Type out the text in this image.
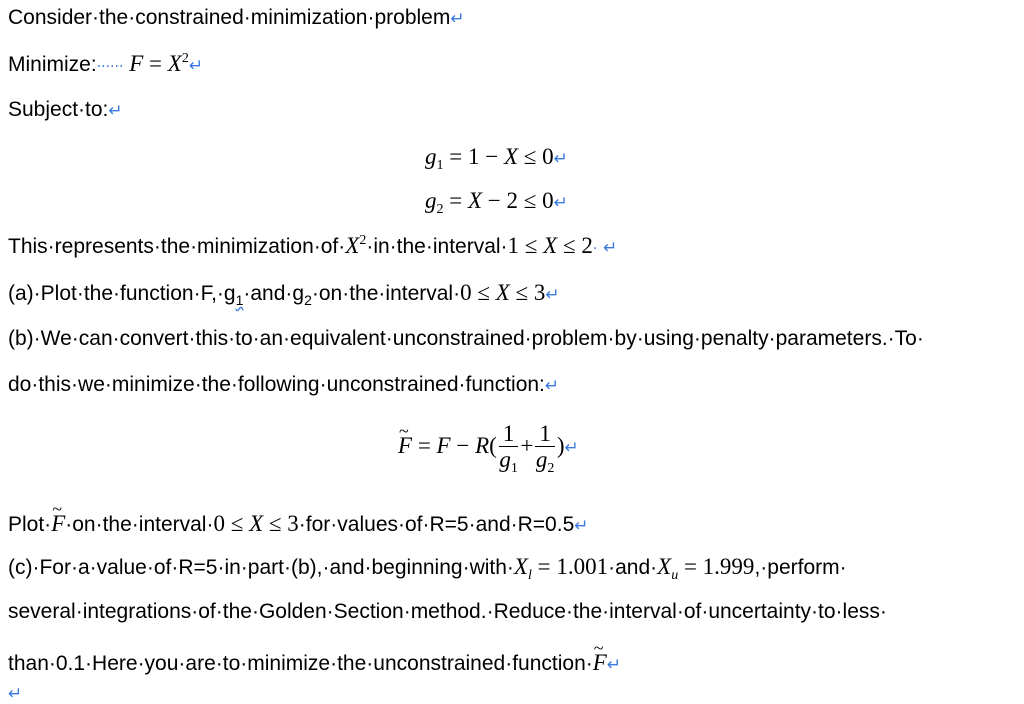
Consider·the·constrained·minimization·problem↵
Minimize:······ $F = X^2↵$
Subject·to:↵
$g_1 = 1 - X$ ≤ 0↵
$g_2 = X - 2$ ≤ 0↵
$This\cdot represents\cdot the\cdot minimization\cdot of\cdot X^2\cdot in\cdot the\cdot interval\cdot 1 \le X \le 2\cdot$ ↵
$(a)\cdot Plot\cdot the\cdot function\cdot F,\cdot g_1\cdot and\cdot g_2\cdot on\cdot the\cdot interval\cdot 0 \le X$ ≤ 3↵
(b)·We·can·convert·this·to·an·equivalent·unconstrained·problem·by·using·penalty·parameters.·To·
do·this·we·minimize·the·following·unconstrained·function:↵
~ $F = F - R( \frac{1}{g_1} + \frac{1}{g_2}$ )↵
Plot·~ F·on·the·interval·0 ≤ X ≤ 3·for·values·of·R=5·and·R=0.5↵
$(c)\cdot For\cdot a\cdot value\cdot of\cdot R=5\cdot in\cdot part\cdot(b),\cdot and\cdot beginning\cdot with\cdot X_l = 1.001\cdot and\cdot X_u$ = 1.999,·perform·
several·integrations·of·the·Golden·Section·method.·Reduce·the·interval·of·uncertainty·to·less·
than·0.1·Here·you·are·to·minimize·the·unconstrained·function·~ F↵
↵
